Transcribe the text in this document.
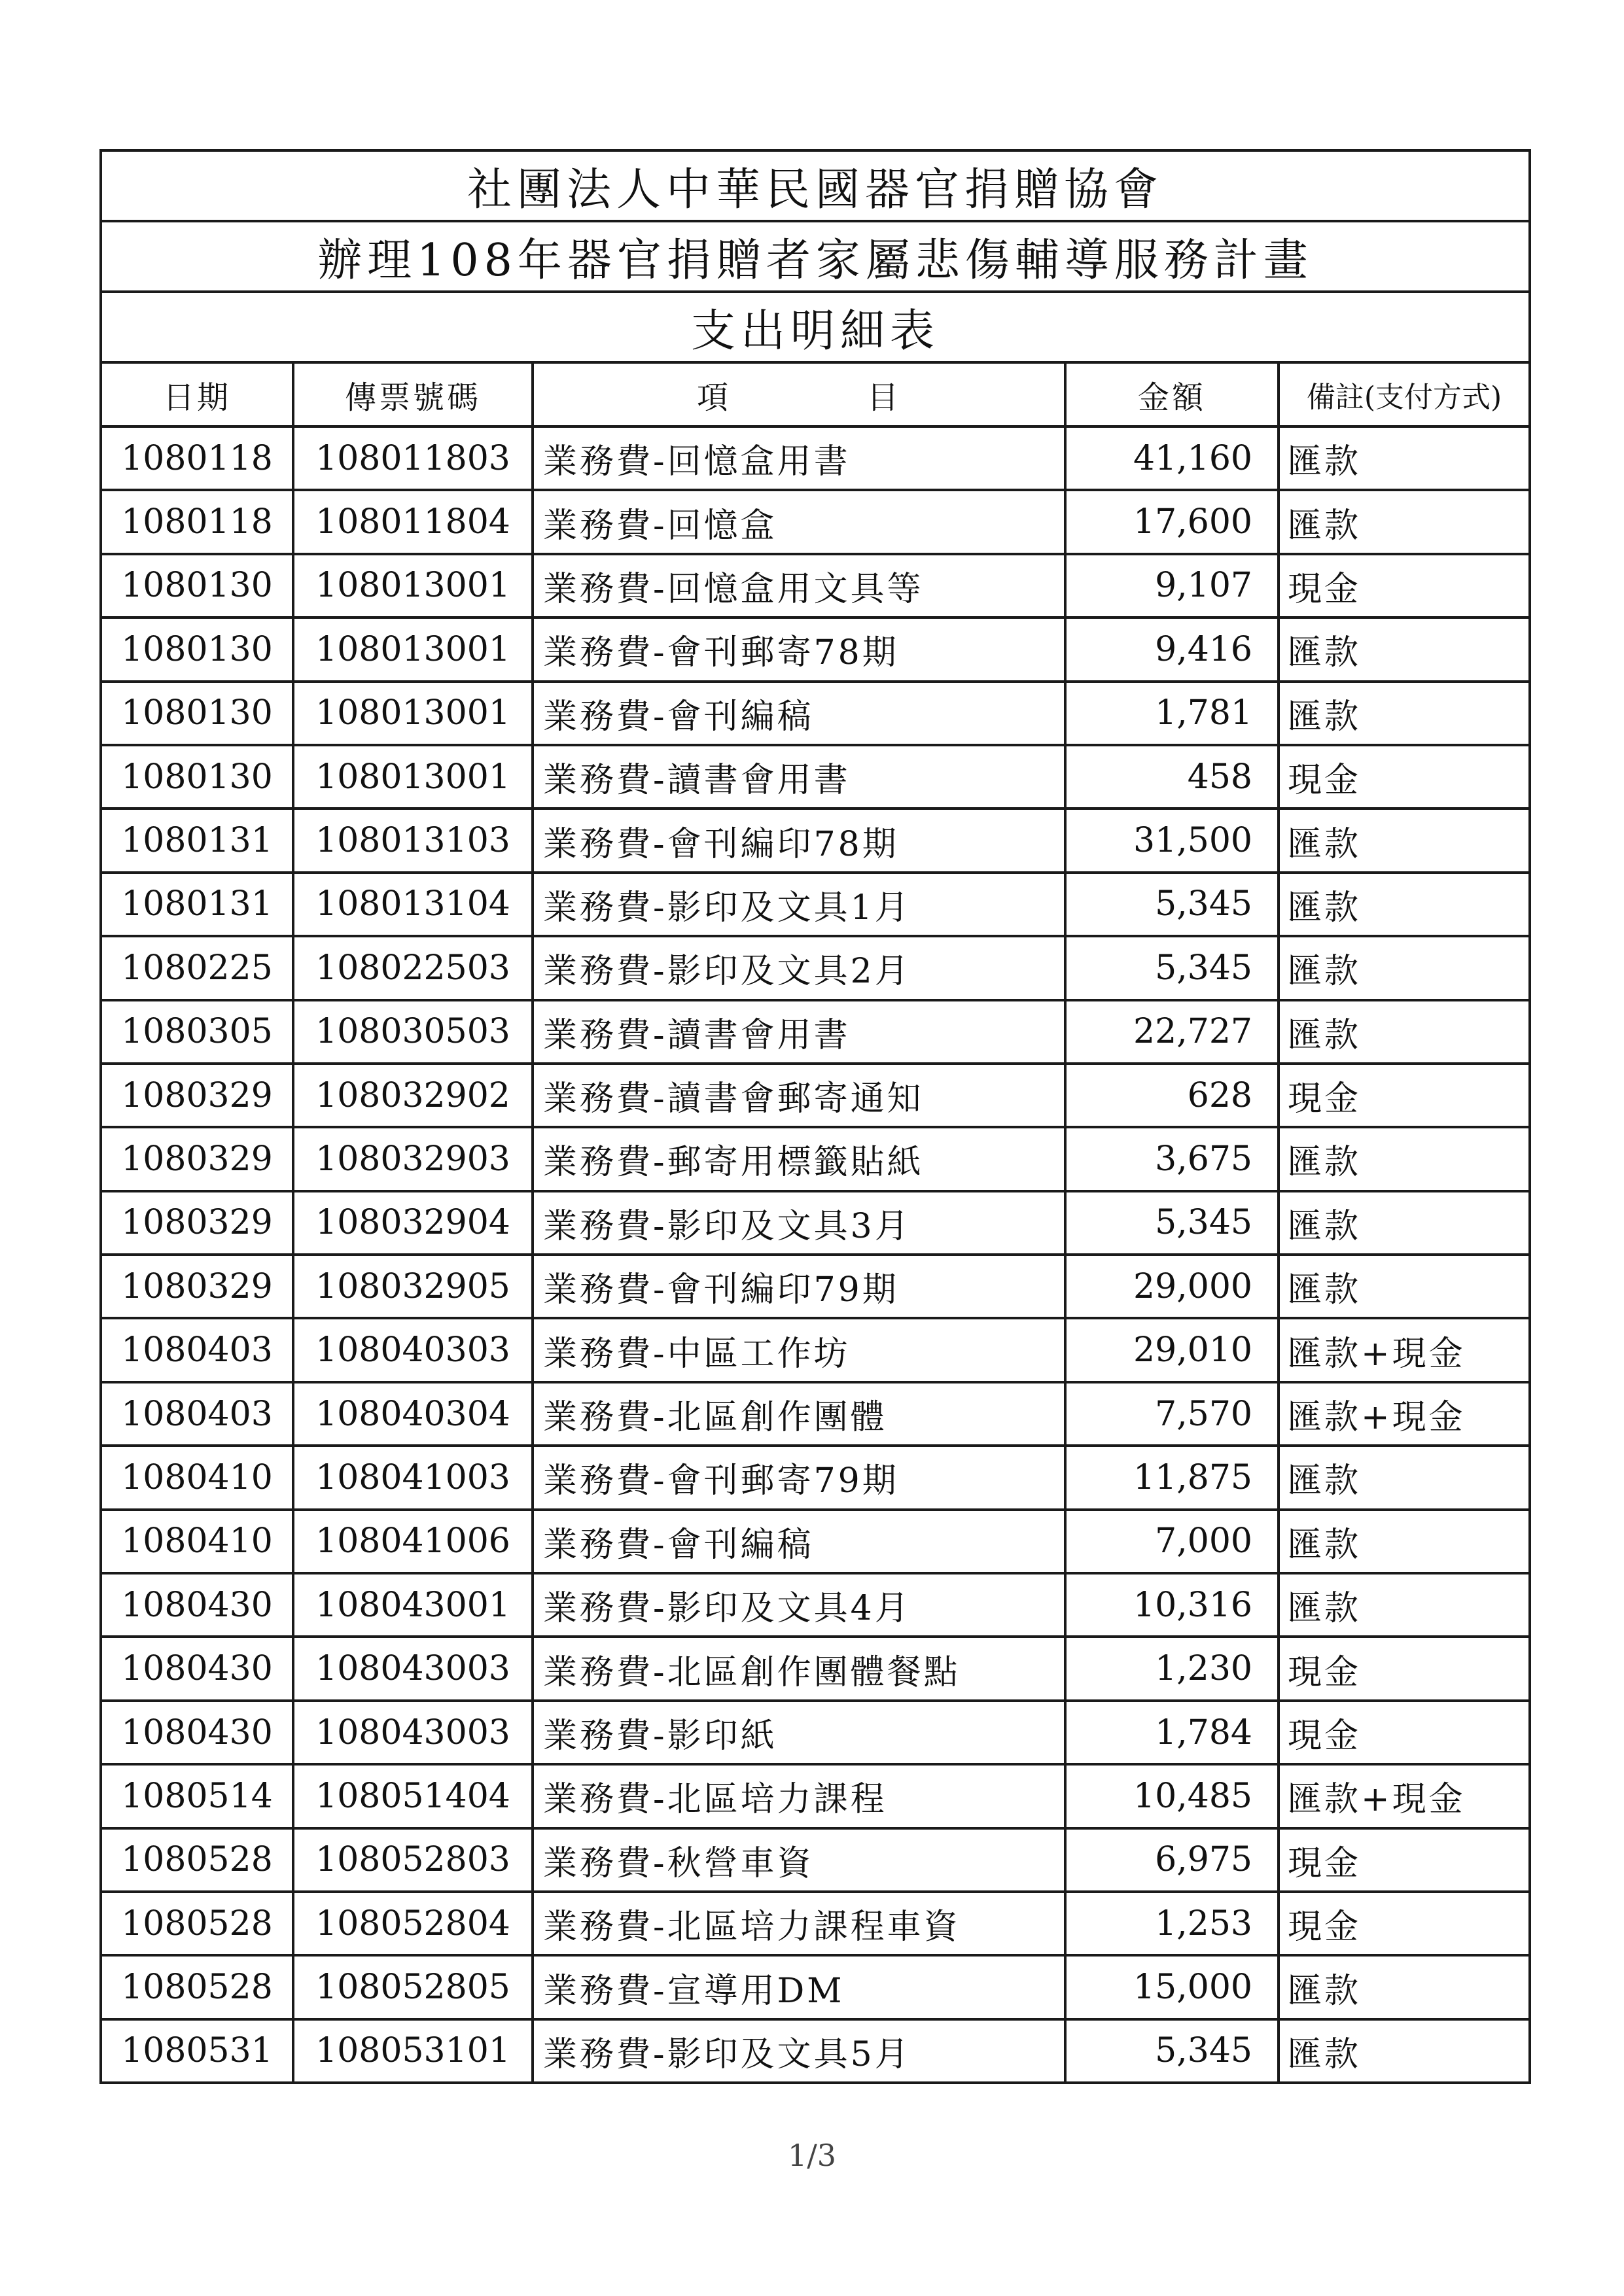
社團法人中華民國器官捐贈協會				
辦理108年器官捐贈者家屬悲傷輔導服務計畫				
支出明細表				
日期	傳票號碼	項　　　　目	金額	備註(支付方式)
1080118	108011803	業務費-回憶盒用書	41,160	匯款
1080118	108011804	業務費-回憶盒	17,600	匯款
1080130	108013001	業務費-回憶盒用文具等	9,107	現金
1080130	108013001	業務費-會刊郵寄78期	9,416	匯款
1080130	108013001	業務費-會刊編稿	1,781	匯款
1080130	108013001	業務費-讀書會用書	458	現金
1080131	108013103	業務費-會刊編印78期	31,500	匯款
1080131	108013104	業務費-影印及文具1月	5,345	匯款
1080225	108022503	業務費-影印及文具2月	5,345	匯款
1080305	108030503	業務費-讀書會用書	22,727	匯款
1080329	108032902	業務費-讀書會郵寄通知	628	現金
1080329	108032903	業務費-郵寄用標籤貼紙	3,675	匯款
1080329	108032904	業務費-影印及文具3月	5,345	匯款
1080329	108032905	業務費-會刊編印79期	29,000	匯款
1080403	108040303	業務費-中區工作坊	29,010	匯款+現金
1080403	108040304	業務費-北區創作團體	7,570	匯款+現金
1080410	108041003	業務費-會刊郵寄79期	11,875	匯款
1080410	108041006	業務費-會刊編稿	7,000	匯款
1080430	108043001	業務費-影印及文具4月	10,316	匯款
1080430	108043003	業務費-北區創作團體餐點	1,230	現金
1080430	108043003	業務費-影印紙	1,784	現金
1080514	108051404	業務費-北區培力課程	10,485	匯款+現金
1080528	108052803	業務費-秋營車資	6,975	現金
1080528	108052804	業務費-北區培力課程車資	1,253	現金
1080528	108052805	業務費-宣導用DM	15,000	匯款
1080531	108053101	業務費-影印及文具5月	5,345	匯款
1/3
